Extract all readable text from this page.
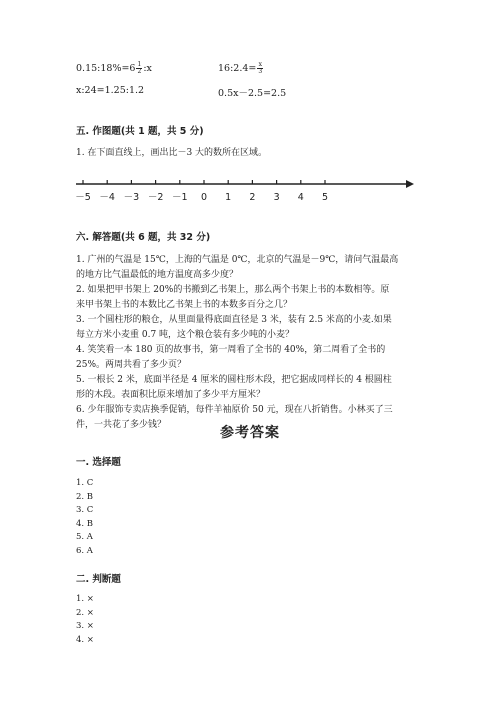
0.15:18%=6 $\frac{1}{2}$ :x	16:2.4= $\frac{x}{3}$
x:24=1.25:1.2	0.5x－2.5=2.5
五. 作图题(共 1 题，共 5 分)
1. 在下面直线上，画出比－3 大的数所在区域。
－5 －4 －3 －2 －1 0 1 2 3 4 5
六. 解答题(共 6 题，共 32 分)
1. 广州的气温是 15℃，上海的气温是 0℃，北京的气温是－9℃，请问气温最高
的地方比气温最低的地方温度高多少度？
2. 如果把甲书架上 20%的书搬到乙书架上，那么两个书架上书的本数相等。原
来甲书架上书的本数比乙书架上书的本数多百分之几？
3. 一个圆柱形的粮仓，从里面量得底面直径是 3 米，装有 2.5 米高的小麦.如果
每立方米小麦重 0.7 吨，这个粮仓装有多少吨的小麦？
4. 笑笑看一本 180 页的故事书，第一周看了全书的 40%，第二周看了全书的
25%。两周共看了多少页？
5. 一根长 2 米，底面半径是 4 厘米的圆柱形木段，把它据成同样长的 4 根圆柱
形的木段。表面积比原来增加了多少平方厘米？
6. 少年服饰专卖店换季促销，每件羊袖原价 50 元，现在八折销售。小林买了三
件，一共花了多少钱？	参考答案
一. 选择题
1. C
2. B
3. C
4. B
5. A
6. A
二. 判断题
1. ×
2. ×
3. ×
4. ×
